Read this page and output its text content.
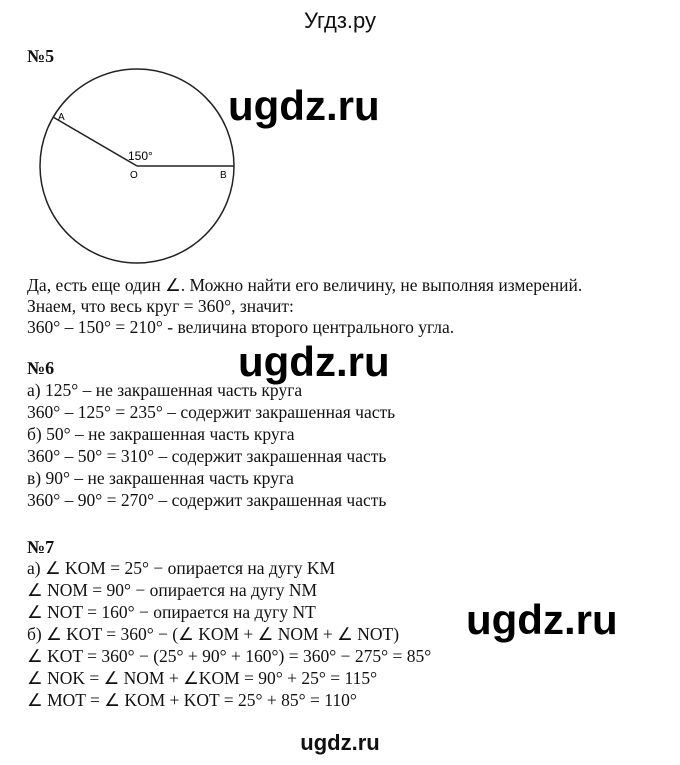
Угдз.ру
№5
A
150°
O	B
ugdz.ru
Да, есть еще один ∠. Можно найти его величину, не выполняя измерений.
Знаем, что весь круг = 360°, значит:
360° – 150° = 210° - величина второго центрального угла.
ugdz.ru
№6
а) 125° – не закрашенная часть круга
360° – 125° = 235° – содержит закрашенная часть
б) 50° – не закрашенная часть круга
360° – 50° = 310° – содержит закрашенная часть
в) 90° – не закрашенная часть круга
360° – 90° = 270° – содержит закрашенная часть
№7
а) ∠ KOM = 25° − опирается на дугу KM
∠ NOM = 90° − опирается на дугу NM
∠ NOT = 160° − опирается на дугу NT
б) ∠ KOT = 360° − (∠ KOM + ∠ NOM + ∠ NOT)
∠ KOT = 360° − (25° + 90° + 160°) = 360° − 275° = 85°
∠ NOK = ∠ NOM + ∠KOM = 90° + 25° = 115°
∠ MOT = ∠ KOM + KOT = 25° + 85° = 110°
ugdz.ru
ugdz.ru
